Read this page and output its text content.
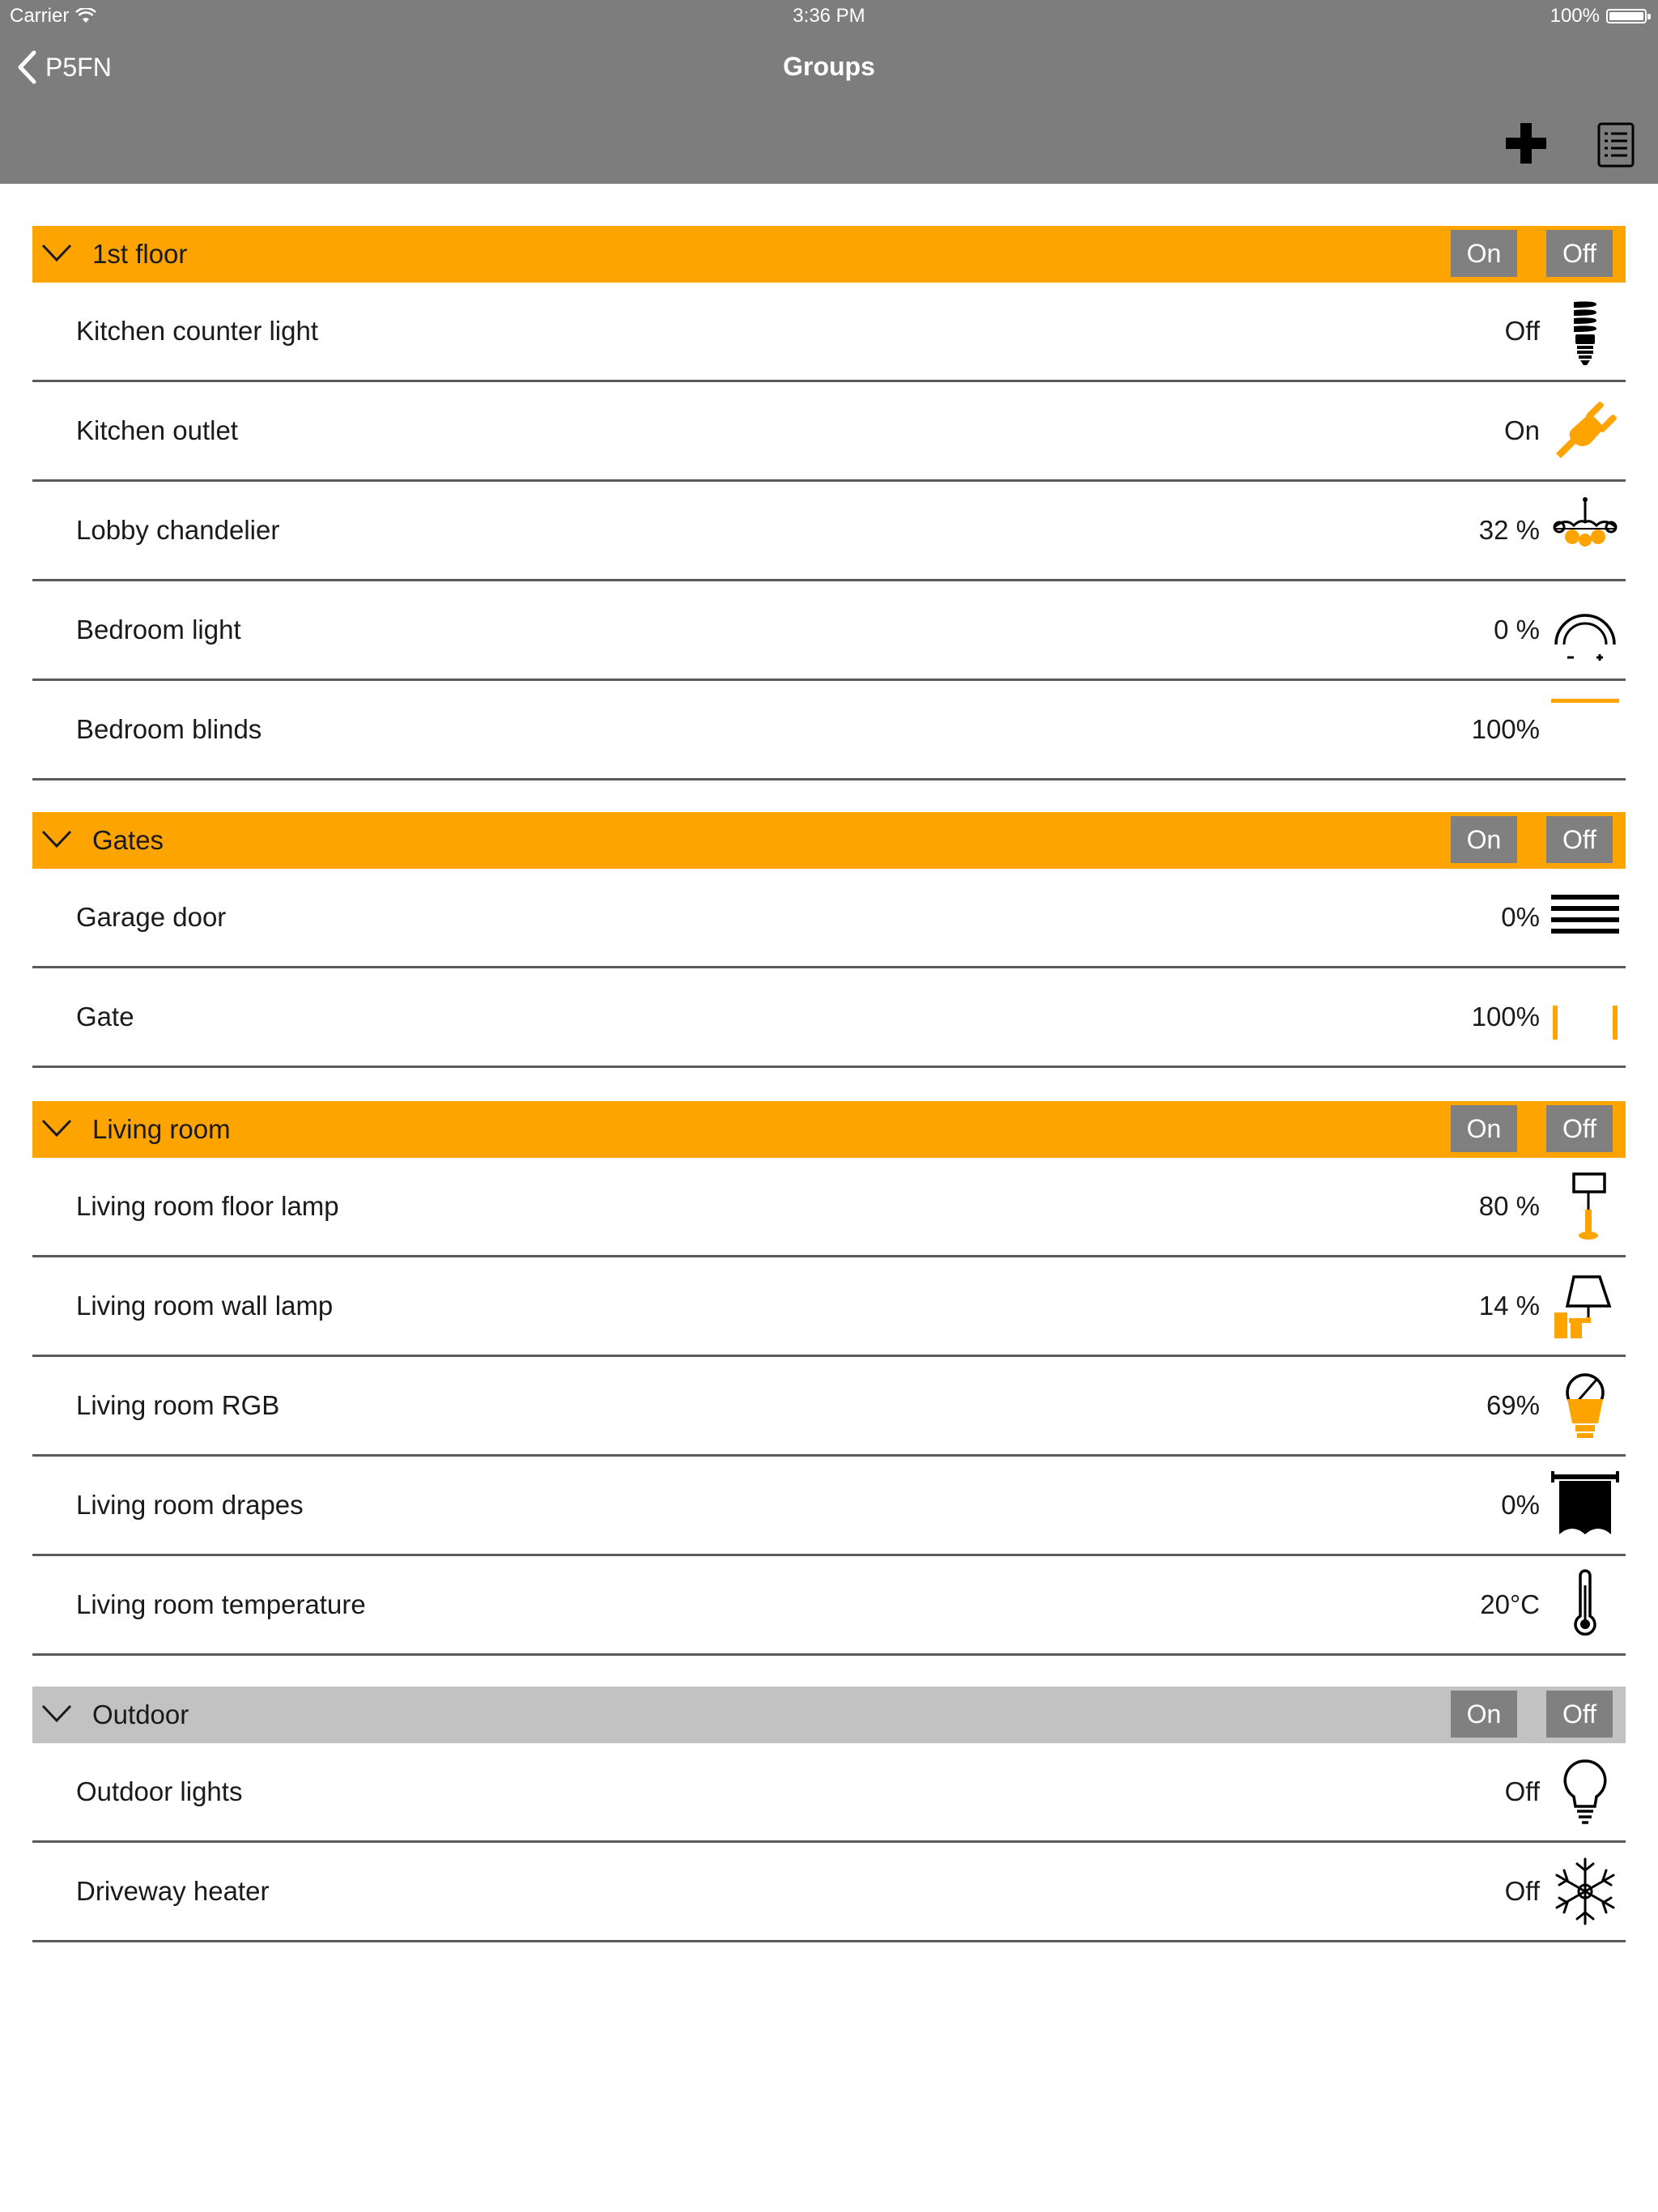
Carrier	3:36 PM	100%
P5FN	Groups
1st floor	On	Off
Kitchen counter light	Off
Kitchen outlet	On
Lobby chandelier	32 %
Bedroom light	0 %
Bedroom blinds	100%
Gates	On	Off
Garage door	0%
Gate	100%
Living room	On	Off
Living room floor lamp	80 %
Living room wall lamp	14 %
Living room RGB	69%
Living room drapes	0%
Living room temperature	20°C
Outdoor	On	Off
Outdoor lights	Off
Driveway heater	Off
